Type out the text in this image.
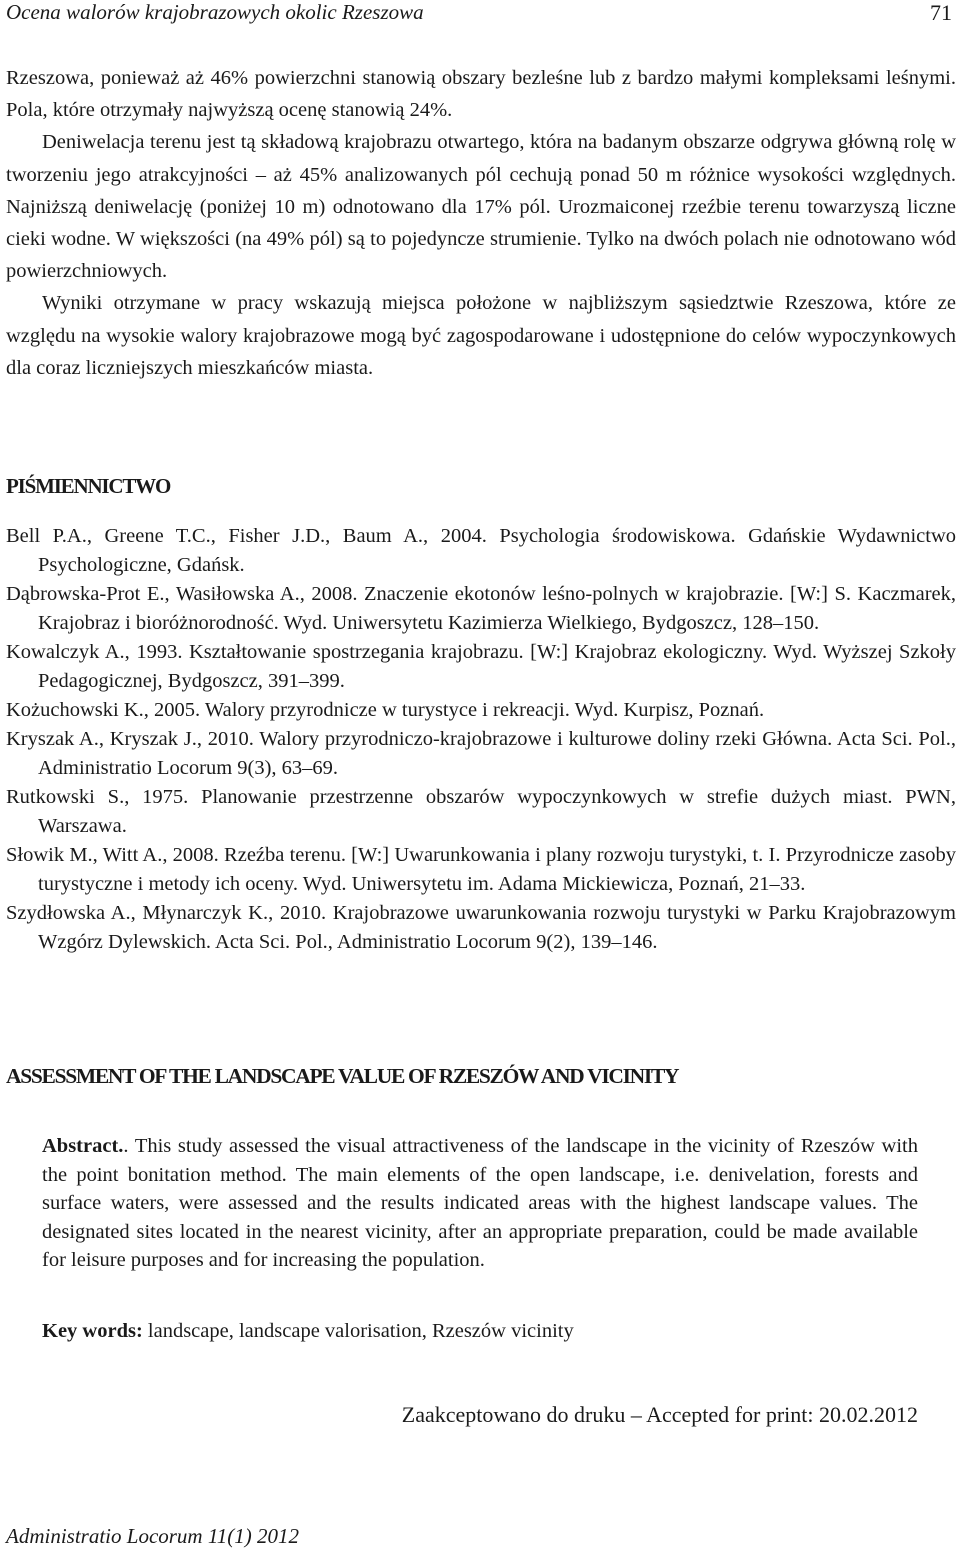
Ocena walorów krajobrazowych okolic Rzeszowa	71

Rzeszowa, ponieważ aż 46% powierzchni stanowią obszary bezleśne lub z bardzo małymi kompleksami leśnymi. Pola, które otrzymały najwyższą ocenę stanowią 24%.

Deniwelacja terenu jest tą składową krajobrazu otwartego, która na badanym obszarze odgrywa główną rolę w tworzeniu jego atrakcyjności – aż 45% analizowanych pól cechują ponad 50 m różnice wysokości względnych. Najniższą deniwelację (poniżej 10 m) odnotowano dla 17% pól. Urozmaiconej rzeźbie terenu towarzyszą liczne cieki wodne. W większości (na 49% pól) są to pojedyncze strumienie. Tylko na dwóch polach nie odnotowano wód powierzchniowych.

Wyniki otrzymane w pracy wskazują miejsca położone w najbliższym sąsiedztwie Rzeszowa, które ze względu na wysokie walory krajobrazowe mogą być zagospodarowane i udostępnione do celów wypoczynkowych dla coraz liczniejszych mieszkańców miasta.

PIŚMIENNICTWO

Bell P.A., Greene T.C., Fisher J.D., Baum A., 2004. Psychologia środowiskowa. Gdańskie Wydawnictwo Psychologiczne, Gdańsk.

Dąbrowska-Prot E., Wasiłowska A., 2008. Znaczenie ekotonów leśno-polnych w krajobrazie. [W:] S. Kaczmarek, Krajobraz i bioróżnorodność. Wyd. Uniwersytetu Kazimierza Wielkiego, Bydgoszcz, 128–150.

Kowalczyk A., 1993. Kształtowanie spostrzegania krajobrazu. [W:] Krajobraz ekologiczny. Wyd. Wyższej Szkoły Pedagogicznej, Bydgoszcz, 391–399.

Kożuchowski K., 2005. Walory przyrodnicze w turystyce i rekreacji. Wyd. Kurpisz, Poznań.

Kryszak A., Kryszak J., 2010. Walory przyrodniczo-krajobrazowe i kulturowe doliny rzeki Główna. Acta Sci. Pol., Administratio Locorum 9(3), 63–69.

Rutkowski S., 1975. Planowanie przestrzenne obszarów wypoczynkowych w strefie dużych miast. PWN, Warszawa.

Słowik M., Witt A., 2008. Rzeźba terenu. [W:] Uwarunkowania i plany rozwoju turystyki, t. I. Przyrodnicze zasoby turystyczne i metody ich oceny. Wyd. Uniwersytetu im. Adama Mickiewicza, Poznań, 21–33.

Szydłowska A., Młynarczyk K., 2010. Krajobrazowe uwarunkowania rozwoju turystyki w Parku Krajobrazowym Wzgórz Dylewskich. Acta Sci. Pol., Administratio Locorum 9(2), 139–146.

ASSESSMENT OF THE LANDSCAPE VALUE OF RZESZÓW AND VICINITY
Abstract.. This study assessed the visual attractiveness of the landscape in the vicinity of Rzeszów with the point bonitation method. The main elements of the open landscape, i.e. denivelation, forests and surface waters, were assessed and the results indicated areas with the highest landscape values. The designated sites located in the nearest vicinity, after an appropriate preparation, could be made available for leisure purposes and for increasing the population.
Key words: landscape, landscape valorisation, Rzeszów vicinity
Zaakceptowano do druku – Accepted for print: 20.02.2012
Administratio Locorum 11(1) 2012
